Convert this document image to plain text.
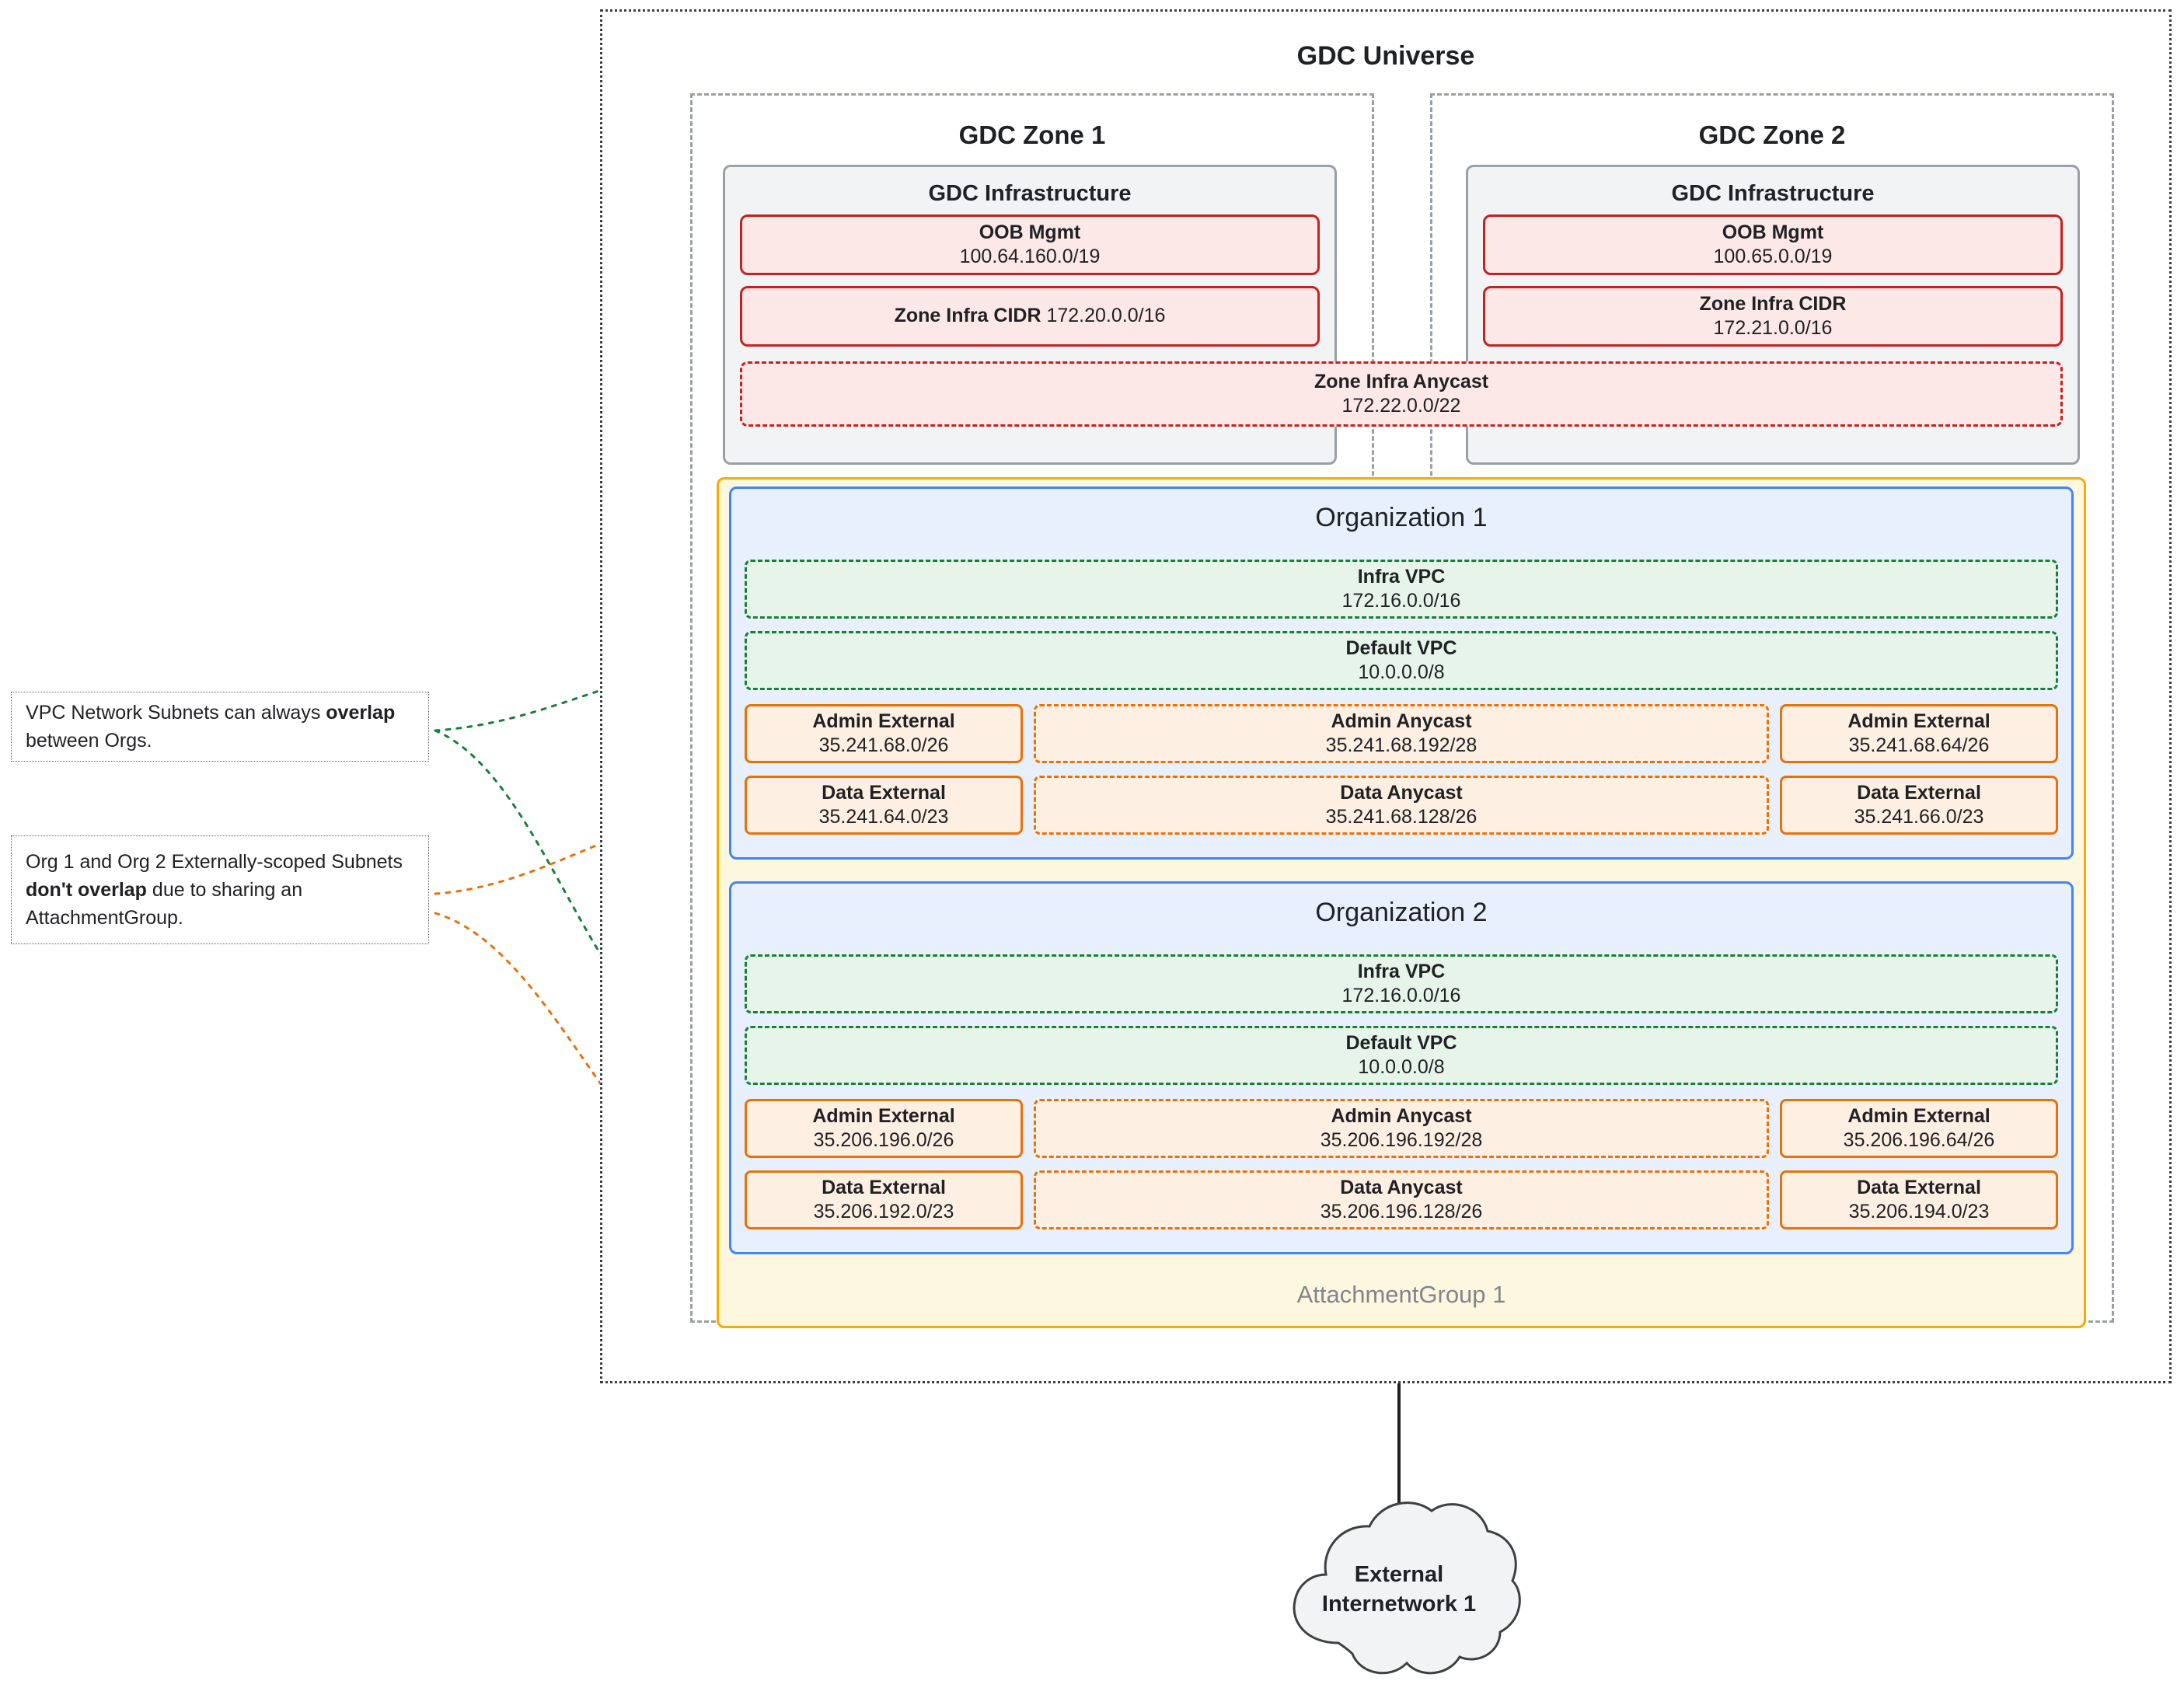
VPC Network Subnets can always overlap between Orgs.
Org 1 and Org 2 Externally-scoped Subnets don't overlap due to sharing an AttachmentGroup.
GDC Universe
GDC Zone 1	GDC Zone 2
GDC Infrastructure
OOB Mgmt
100.64.160.0/19
Zone Infra CIDR 172.20.0.0/16
GDC Infrastructure
OOB Mgmt
100.65.0.0/19
Zone Infra CIDR
172.21.0.0/16
Zone Infra Anycast
172.22.0.0/22
AttachmentGroup 1
Organization 1
Infra VPC
172.16.0.0/16
Default VPC
10.0.0.0/8
Admin External
35.241.68.0/26
Admin Anycast
35.241.68.192/28
Admin External
35.241.68.64/26
Data External
35.241.64.0/23
Data Anycast
35.241.68.128/26
Data External
35.241.66.0/23
Organization 2
Infra VPC
172.16.0.0/16
Default VPC
10.0.0.0/8
Admin External
35.206.196.0/26
Admin Anycast
35.206.196.192/28
Admin External
35.206.196.64/26
Data External
35.206.192.0/23
Data Anycast
35.206.196.128/26
Data External
35.206.194.0/23
External
Internetwork 1
